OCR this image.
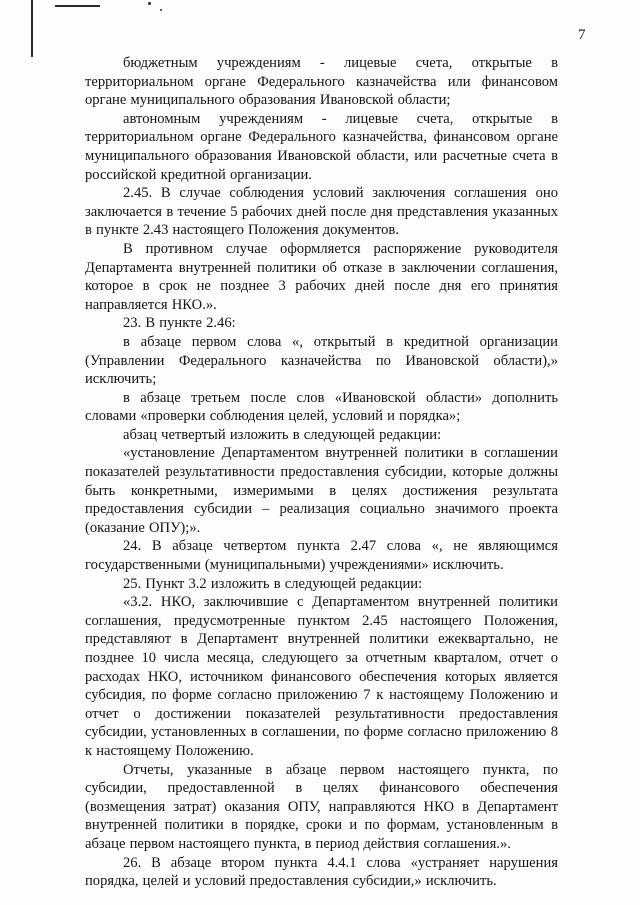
7

бюджетным учреждениям - лицевые счета, открытые в территориальном органе Федерального казначейства или финансовом органе муниципального образования Ивановской области;

автономным учреждениям - лицевые счета, открытые в территориальном органе Федерального казначейства, финансовом органе муниципального образования Ивановской области, или расчетные счета в российской кредитной организации.

2.45. В случае соблюдения условий заключения соглашения оно заключается в течение 5 рабочих дней после дня представления указанных в пункте 2.43 настоящего Положения документов.

В противном случае оформляется распоряжение руководителя Департамента внутренней политики об отказе в заключении соглашения, которое в срок не позднее 3 рабочих дней после дня его принятия направляется НКО.».

23. В пункте 2.46:

в абзаце первом слова «, открытый в кредитной организации (Управлении Федерального казначейства по Ивановской области),» исключить;

в абзаце третьем после слов «Ивановской области» дополнить словами «проверки соблюдения целей, условий и порядка»;

абзац четвертый изложить в следующей редакции:

«установление Департаментом внутренней политики в соглашении показателей результативности предоставления субсидии, которые должны быть конкретными, измеримыми в целях достижения результата предоставления субсидии – реализация социально значимого проекта (оказание ОПУ);».

24. В абзаце четвертом пункта 2.47 слова «, не являющимся государственными (муниципальными) учреждениями» исключить.

25. Пункт 3.2 изложить в следующей редакции:

«3.2. НКО, заключившие с Департаментом внутренней политики соглашения, предусмотренные пунктом 2.45 настоящего Положения, представляют в Департамент внутренней политики ежеквартально, не позднее 10 числа месяца, следующего за отчетным кварталом, отчет о расходах НКО, источником финансового обеспечения которых является субсидия, по форме согласно приложению 7 к настоящему Положению и отчет о достижении показателей результативности предоставления субсидии, установленных в соглашении, по форме согласно приложению 8 к настоящему Положению.

Отчеты, указанные в абзаце первом настоящего пункта, по субсидии, предоставленной в целях финансового обеспечения (возмещения затрат) оказания ОПУ, направляются НКО в Департамент внутренней политики в порядке, сроки и по формам, установленным в абзаце первом настоящего пункта, в период действия соглашения.».

26. В абзаце втором пункта 4.4.1 слова «устраняет нарушения порядка, целей и условий предоставления субсидии,» исключить.
